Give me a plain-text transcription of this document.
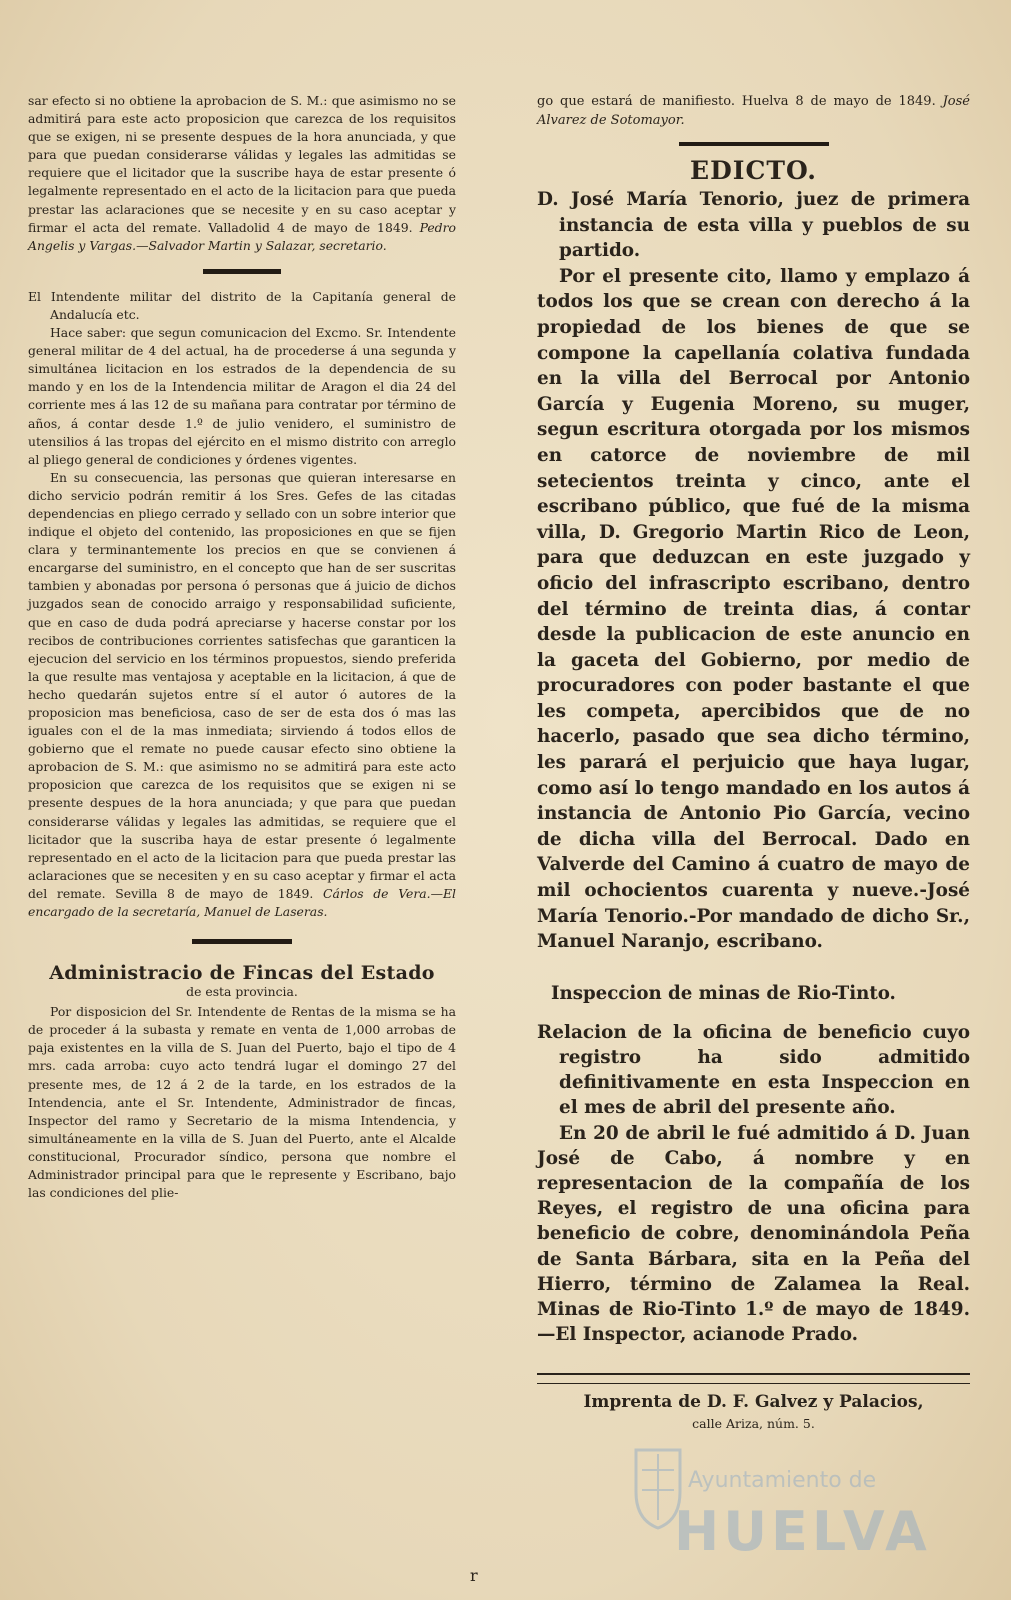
sar efecto si no obtiene la aprobacion de S. M.: que asimismo no se admitirá para este acto proposicion que carezca de los requisitos que se exigen, ni se presente despues de la hora anunciada, y que para que puedan considerarse válidas y legales las admitidas se requiere que el licitador que la suscribe haya de estar presente ó legalmente representado en el acto de la licitacion para que pueda prestar las aclaraciones que se necesite y en su caso aceptar y firmar el acta del remate. Valladolid 4 de mayo de 1849. Pedro Angelis y Vargas.—Salvador Martin y Salazar, secretario.

El Intendente militar del distrito de la Capitanía general de Andalucía etc.

Hace saber: que segun comunicacion del Excmo. Sr. Intendente general militar de 4 del actual, ha de procederse á una segunda y simultánea licitacion en los estrados de la dependencia de su mando y en los de la Intendencia militar de Aragon el dia 24 del corriente mes á las 12 de su mañana para contratar por término de años, á contar desde 1.º de julio venidero, el suministro de utensilios á las tropas del ejército en el mismo distrito con arreglo al pliego general de condiciones y órdenes vigentes.

En su consecuencia, las personas que quieran interesarse en dicho servicio podrán remitir á los Sres. Gefes de las citadas dependencias en pliego cerrado y sellado con un sobre interior que indique el objeto del contenido, las proposiciones en que se fijen clara y terminantemente los precios en que se convienen á encargarse del suministro, en el concepto que han de ser suscritas tambien y abonadas por persona ó personas que á juicio de dichos juzgados sean de conocido arraigo y responsabilidad suficiente, que en caso de duda podrá apreciarse y hacerse constar por los recibos de contribuciones corrientes satisfechas que garanticen la ejecucion del servicio en los términos propuestos, siendo preferida la que resulte mas ventajosa y aceptable en la licitacion, á que de hecho quedarán sujetos entre sí el autor ó autores de la proposicion mas beneficiosa, caso de ser de esta dos ó mas las iguales con el de la mas inmediata; sirviendo á todos ellos de gobierno que el remate no puede causar efecto sino obtiene la aprobacion de S. M.: que asimismo no se admitirá para este acto proposicion que carezca de los requisitos que se exigen ni se presente despues de la hora anunciada; y que para que puedan considerarse válidas y legales las admitidas, se requiere que el licitador que la suscriba haya de estar presente ó legalmente representado en el acto de la licitacion para que pueda prestar las aclaraciones que se necesiten y en su caso aceptar y firmar el acta del remate. Sevilla 8 de mayo de 1849. Cárlos de Vera.—El encargado de la secretaría, Manuel de Laseras.

Administracio de Fincas del Estado

de esta provincia.

Por disposicion del Sr. Intendente de Rentas de la misma se ha de proceder á la subasta y remate en venta de 1,000 arrobas de paja existentes en la villa de S. Juan del Puerto, bajo el tipo de 4 mrs. cada arroba: cuyo acto tendrá lugar el domingo 27 del presente mes, de 12 á 2 de la tarde, en los estrados de la Intendencia, ante el Sr. Intendente, Administrador de fincas, Inspector del ramo y Secretario de la misma Intendencia, y simultáneamente en la villa de S. Juan del Puerto, ante el Alcalde constitucional, Procurador síndico, persona que nombre el Administrador principal para que le represente y Escribano, bajo las condiciones del plie-

go que estará de manifiesto. Huelva 8 de mayo de 1849. José Alvarez de Sotomayor.

EDICTO.

D. José María Tenorio, juez de primera instancia de esta villa y pueblos de su partido.

Por el presente cito, llamo y emplazo á todos los que se crean con derecho á la propiedad de los bienes de que se compone la capellanía colativa fundada en la villa del Berrocal por Antonio García y Eugenia Moreno, su muger, segun escritura otorgada por los mismos en catorce de noviembre de mil setecientos treinta y cinco, ante el escribano público, que fué de la misma villa, D. Gregorio Martin Rico de Leon, para que deduzcan en este juzgado y oficio del infrascripto escribano, dentro del término de treinta dias, á contar desde la publicacion de este anuncio en la gaceta del Gobierno, por medio de procuradores con poder bastante el que les competa, apercibidos que de no hacerlo, pasado que sea dicho término, les parará el perjuicio que haya lugar, como así lo tengo mandado en los autos á instancia de Antonio Pio García, vecino de dicha villa del Berrocal. Dado en Valverde del Camino á cuatro de mayo de mil ochocientos cuarenta y nueve.-José María Tenorio.-Por mandado de dicho Sr., Manuel Naranjo, escribano.

Inspeccion de minas de Rio-Tinto.

Relacion de la oficina de beneficio cuyo registro ha sido admitido definitivamente en esta Inspeccion en el mes de abril del presente año.

En 20 de abril le fué admitido á D. Juan José de Cabo, á nombre y en representacion de la compañía de los Reyes, el registro de una oficina para beneficio de cobre, denominándola Peña de Santa Bárbara, sita en la Peña del Hierro, término de Zalamea la Real. Minas de Rio-Tinto 1.º de mayo de 1849.—El Inspector, acianode Prado.

Imprenta de D. F. Galvez y Palacios,

calle Ariza, núm. 5.

Ayuntamiento de
HUELVA
r
